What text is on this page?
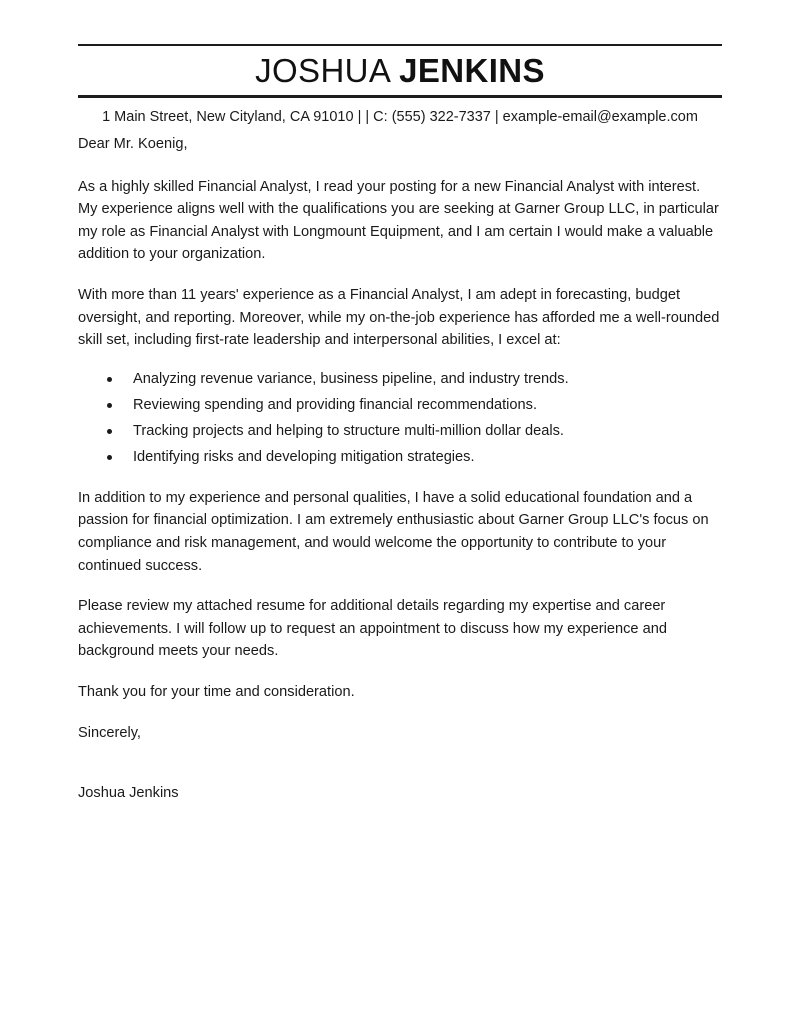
JOSHUA JENKINS
1 Main Street, New Cityland, CA 91010 | | C: (555) 322-7337 | example-email@example.com

Dear Mr. Koenig,

As a highly skilled Financial Analyst, I read your posting for a new Financial Analyst with interest. My experience aligns well with the qualifications you are seeking at Garner Group LLC, in particular my role as Financial Analyst with Longmount Equipment, and I am certain I would make a valuable addition to your organization.

With more than 11 years' experience as a Financial Analyst, I am adept in forecasting, budget oversight, and reporting. Moreover, while my on-the-job experience has afforded me a well-rounded skill set, including first-rate leadership and interpersonal abilities, I excel at:

Analyzing revenue variance, business pipeline, and industry trends.
Reviewing spending and providing financial recommendations.
Tracking projects and helping to structure multi-million dollar deals.
Identifying risks and developing mitigation strategies.

In addition to my experience and personal qualities, I have a solid educational foundation and a passion for financial optimization. I am extremely enthusiastic about Garner Group LLC's focus on compliance and risk management, and would welcome the opportunity to contribute to your continued success.

Please review my attached resume for additional details regarding my expertise and career achievements. I will follow up to request an appointment to discuss how my experience and background meets your needs.

Thank you for your time and consideration.

Sincerely,

Joshua Jenkins
